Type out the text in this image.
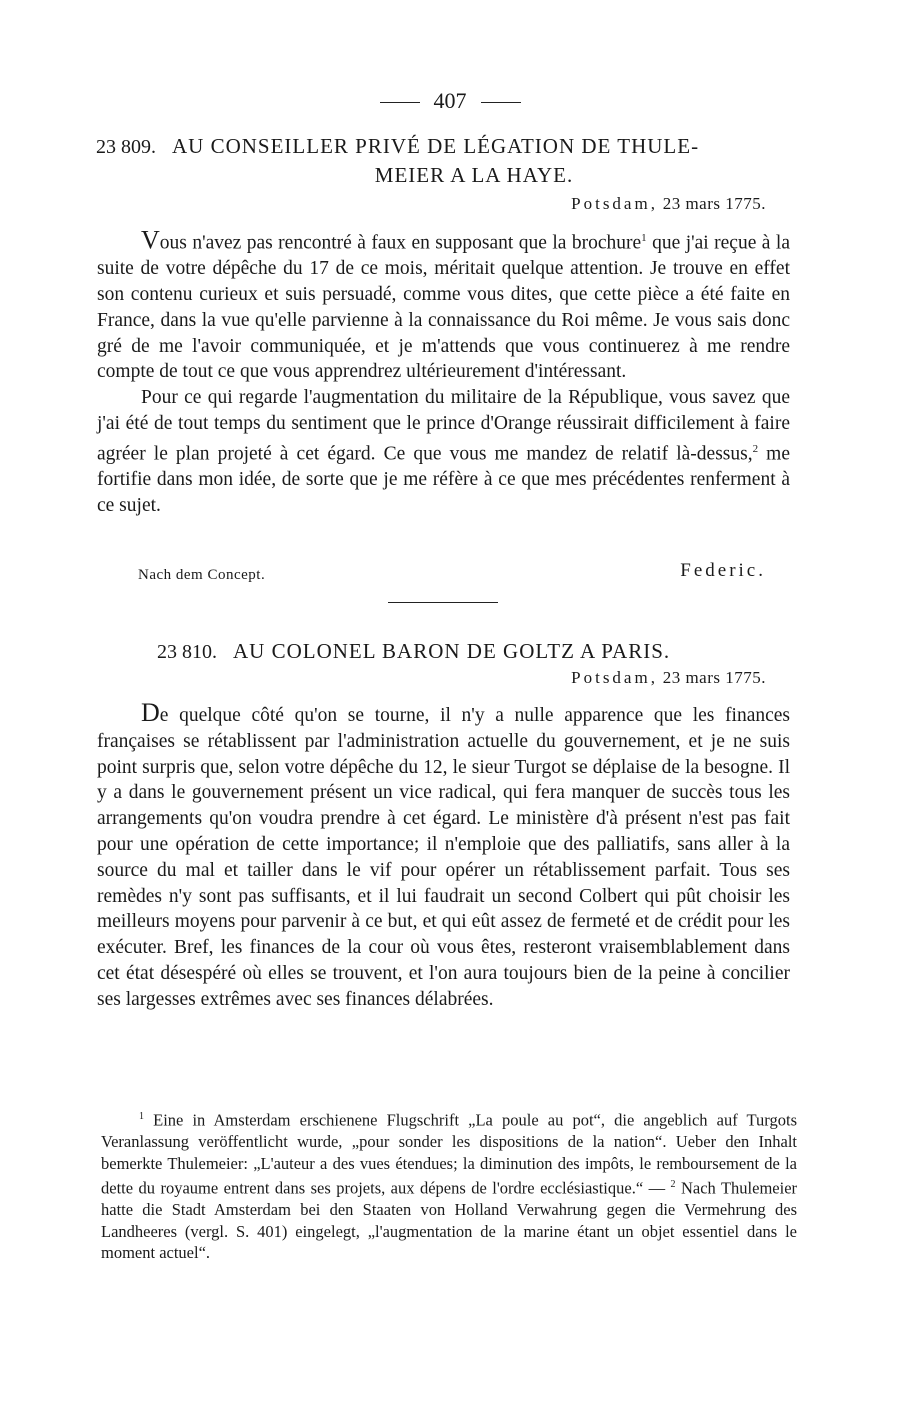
407
23 809. AU CONSEILLER PRIVÉ DE LÉGATION DE THULE-
MEIER A LA HAYE.
Potsdam, 23 mars 1775.

Vous n'avez pas rencontré à faux en supposant que la brochure$^1$ que j'ai reçue à la suite de votre dépêche du 17 de ce mois, méritait quelque attention. Je trouve en effet son contenu curieux et suis persuadé, comme vous dites, que cette pièce a été faite en France, dans la vue qu'elle parvienne à la connaissance du Roi même. Je vous sais donc gré de me l'avoir communiquée, et je m'attends que vous continuerez à me rendre compte de tout ce que vous apprendrez ultérieurement d'intéressant.

Pour ce qui regarde l'augmentation du militaire de la République, vous savez que j'ai été de tout temps du sentiment que le prince d'Orange réussirait difficilement à faire agréer le plan projeté à cet égard. Ce que vous me mandez de relatif là-dessus,$^2$ me fortifie dans mon idée, de sorte que je me réfère à ce que mes précédentes renferment à ce sujet.

Nach dem Concept.	Federic.
23 810. AU COLONEL BARON DE GOLTZ A PARIS.
Potsdam, 23 mars 1775.

De quelque côté qu'on se tourne, il n'y a nulle apparence que les finances françaises se rétablissent par l'administration actuelle du gouvernement, et je ne suis point surpris que, selon votre dépêche du 12, le sieur Turgot se déplaise de la besogne. Il y a dans le gouvernement présent un vice radical, qui fera manquer de succès tous les arrangements qu'on voudra prendre à cet égard. Le ministère d'à présent n'est pas fait pour une opération de cette importance; il n'emploie que des palliatifs, sans aller à la source du mal et tailler dans le vif pour opérer un rétablissement parfait. Tous ses remèdes n'y sont pas suffisants, et il lui faudrait un second Colbert qui pût choisir les meilleurs moyens pour parvenir à ce but, et qui eût assez de fermeté et de crédit pour les exécuter. Bref, les finances de la cour où vous êtes, resteront vraisemblablement dans cet état désespéré où elles se trouvent, et l'on aura toujours bien de la peine à concilier ses largesses extrêmes avec ses finances délabrées.

$^1$ Eine in Amsterdam erschienene Flugschrift „La poule au pot“, die angeblich auf Turgots Veranlassung veröffentlicht wurde, „pour sonder les dispositions de la nation“. Ueber den Inhalt bemerkte Thulemeier: „L'auteur a des vues étendues; la diminution des impôts, le remboursement de la dette du royaume entrent dans ses projets, aux dépens de l'ordre ecclésiastique.“ — $^2$ Nach Thulemeier hatte die Stadt Amsterdam bei den Staaten von Holland Verwahrung gegen die Vermehrung des Landheeres (vergl. S. 401) eingelegt, „l'augmentation de la marine étant un objet essentiel dans le moment actuel“.
